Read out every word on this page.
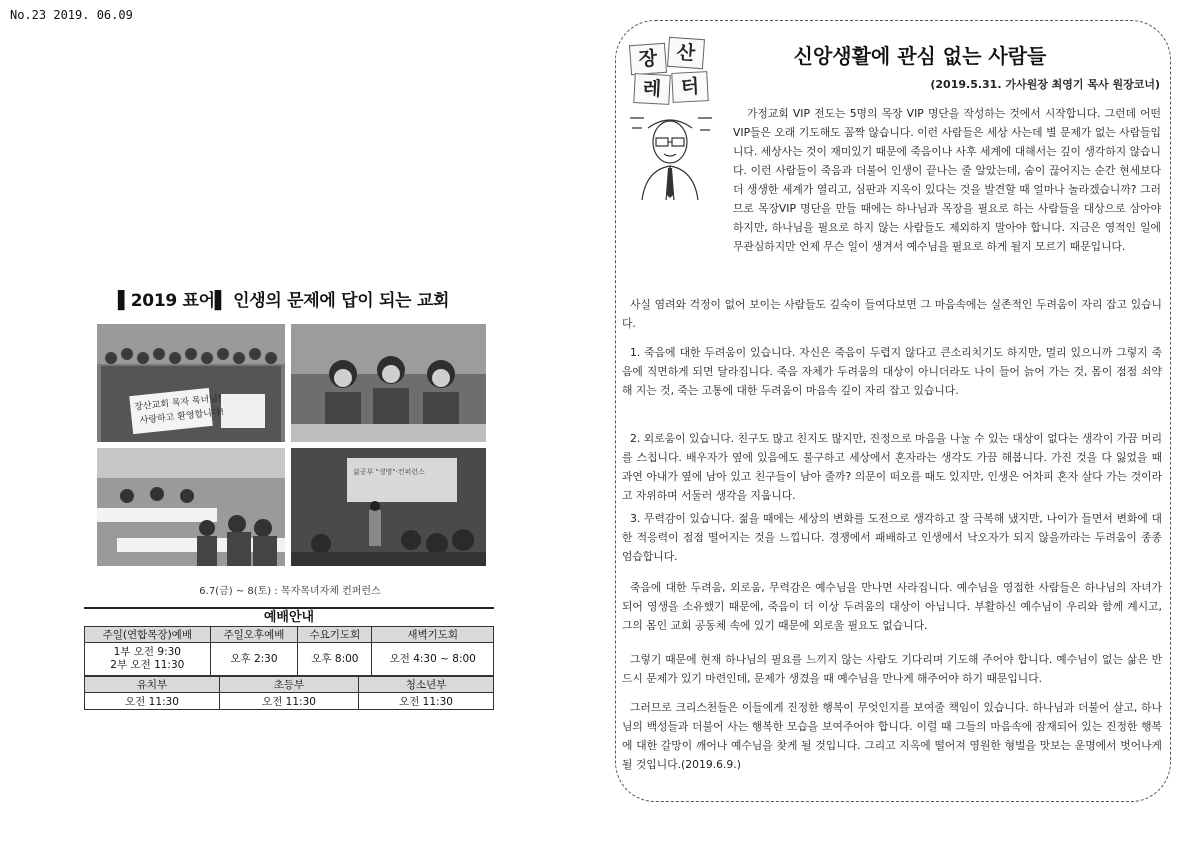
No.23 2019. 06.09
▌2019 표어▌ 인생의 문제에 답이 되는 교회
장산교회 목자 목녀님!
사랑하고 환영합니다!
삶공부 "생명"·컨퍼런스
6.7(금) ~ 8(토) : 목자목녀자체 컨퍼런스
예배안내
주일(연합목장)예배	주일오후예배	수요기도회	새벽기도회

1부 오전 9:30
2부 오전 11:30	오후 2:30	오후 8:00	오전 4:30 ~ 8:00
유치부	초등부	청소년부
오전 11:30	오전 11:30	오전 11:30
장 산
레 터
신앙생활에 관심 없는 사람들
(2019.5.31. 가사원장 최영기 목사 원장코너)

가정교회 VIP 전도는 5명의 목장 VIP 명단을 작성하는 것에서 시작합니다. 그런데 어떤 VIP들은 오래 기도해도 꼼짝 않습니다. 이런 사람들은 세상 사는데 별 문제가 없는 사람들입니다. 세상사는 것이 재미있기 때문에 죽음이나 사후 세계에 대해서는 깊이 생각하지 않습니다. 이런 사람들이 죽음과 더불어 인생이 끝나는 줄 알았는데, 숨이 끊어지는 순간 현세보다 더 생생한 세계가 열리고, 심판과 지옥이 있다는 것을 발견할 때 얼마나 놀라겠습니까? 그러므로 목장VIP 명단을 만들 때에는 하나님과 목장을 필요로 하는 사람들을 대상으로 삼아야 하지만, 하나님을 필요로 하지 않는 사람들도 제외하지 말아야 합니다. 지금은 영적인 일에 무관심하지만 언제 무슨 일이 생겨서 예수님을 필요로 하게 될지 모르기 때문입니다.

사실 염려와 걱정이 없어 보이는 사람들도 깊숙이 들여다보면 그 마음속에는 실존적인 두려움이 자리 잡고 있습니다.

1. 죽음에 대한 두려움이 있습니다. 자신은 죽음이 두렵지 않다고 큰소리치기도 하지만, 멀리 있으니까 그렇지 죽음에 직면하게 되면 달라집니다. 죽음 자체가 두려움의 대상이 아니더라도 나이 들어 늙어 가는 것, 몸이 점점 쇠약해 지는 것, 죽는 고통에 대한 두려움이 마음속 깊이 자리 잡고 있습니다.

2. 외로움이 있습니다. 친구도 많고 친지도 많지만, 진정으로 마음을 나눌 수 있는 대상이 없다는 생각이 가끔 머리를 스칩니다. 배우자가 옆에 있음에도 불구하고 세상에서 혼자라는 생각도 가끔 해봅니다. 가진 것을 다 잃었을 때 과연 아내가 옆에 남아 있고 친구들이 남아 줄까? 의문이 떠오를 때도 있지만, 인생은 어차피 혼자 살다 가는 것이라고 자위하며 서둘러 생각을 지웁니다.

3. 무력감이 있습니다. 젊을 때에는 세상의 변화를 도전으로 생각하고 잘 극복해 냈지만, 나이가 들면서 변화에 대한 적응력이 점점 떨어지는 것을 느낍니다. 경쟁에서 패배하고 인생에서 낙오자가 되지 않을까라는 두려움이 종종 엄습합니다.

죽음에 대한 두려움, 외로움, 무력감은 예수님을 만나면 사라집니다. 예수님을 영접한 사람들은 하나님의 자녀가 되어 영생을 소유했기 때문에, 죽음이 더 이상 두려움의 대상이 아닙니다. 부활하신 예수님이 우리와 함께 계시고, 그의 몸인 교회 공동체 속에 있기 때문에 외로울 필요도 없습니다.

그렇기 때문에 현재 하나님의 필요를 느끼지 않는 사람도 기다리며 기도해 주어야 합니다. 예수님이 없는 삶은 반드시 문제가 있기 마련인데, 문제가 생겼을 때 예수님을 만나게 해주어야 하기 때문입니다.

그러므로 크리스천들은 이들에게 진정한 행복이 무엇인지를 보여줄 책임이 있습니다. 하나님과 더불어 살고, 하나님의 백성들과 더불어 사는 행복한 모습을 보여주어야 합니다. 이럴 때 그들의 마음속에 잠재되어 있는 진정한 행복에 대한 갈망이 깨어나 예수님을 찾게 될 것입니다. 그리고 지옥에 떨어져 영원한 형벌을 맛보는 운명에서 벗어나게 될 것입니다.(2019.6.9.)
